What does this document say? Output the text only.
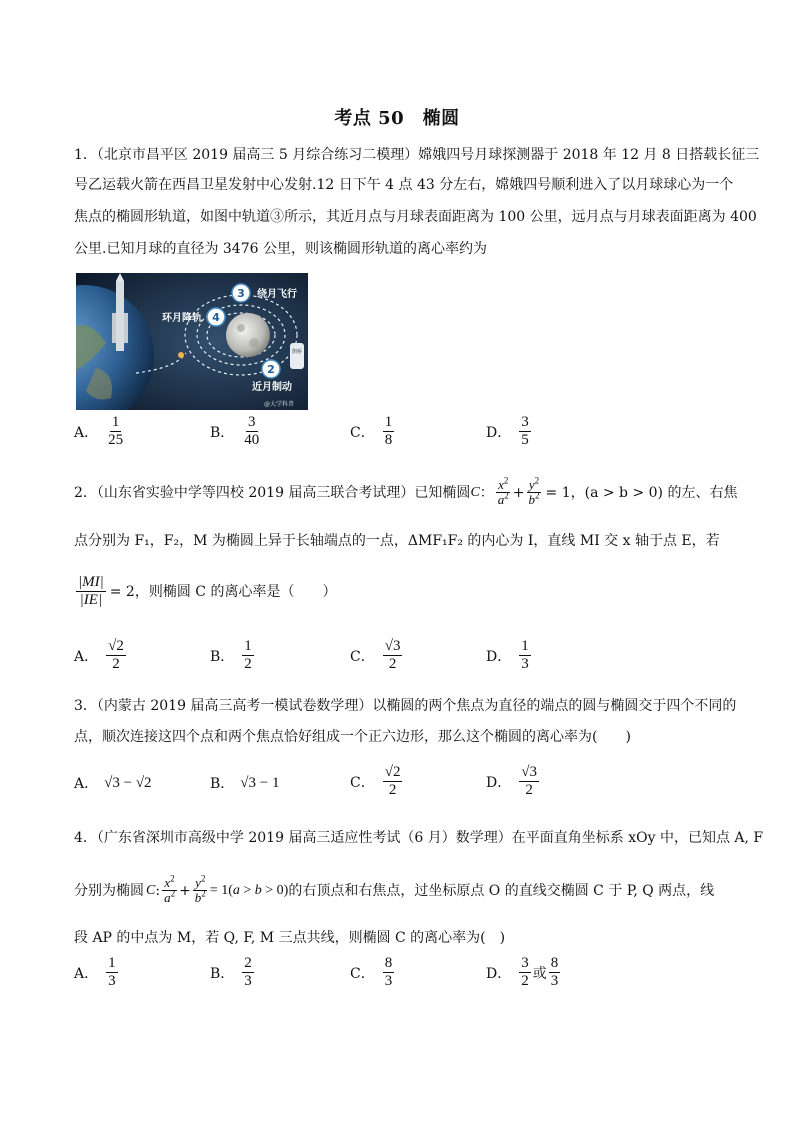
考点 50　椭圆
1．（北京市昌平区 2019 届高三 5 月综合练习二模理）嫦娥四号月球探测器于 2018 年 12 月 8 日搭载长征三
号乙运载火箭在西昌卫星发射中心发射.12 日下午 4 点 43 分左右，嫦娥四号顺利进入了以月球球心为一个
焦点的椭圆形轨道，如图中轨道③所示，其近月点与月球表面距离为 100 公里，远月点与月球表面距离为 400
公里.已知月球的直径为 3476 公里，则该椭圆形轨道的离心率约为
鹊桥
3 绕月飞行
4
环月降轨
2
近月制动
@大学科普
A． $\frac{1}{25}$	B． $\frac{3}{40}$	C． $\frac{1}{8}$	D． $\frac{3}{5}$
2．（山东省实验中学等四校 2019 届高三联合考试理）已知椭圆 C ： $\frac{x^2}{a^2} + \frac{y^2}{b^2} = 1$ ，(a > b > 0) 的左、右焦
点分别为 F₁，F₂，M 为椭圆上异于长轴端点的一点，ΔMF₁F₂ 的内心为 I，直线 MI 交 x 轴于点 E，若
$\frac{|MI|}{|IE|} = 2$ ，则椭圆 C 的离心率是（　　）
A． $\frac{√2}{2}$	B． $\frac{1}{2}$	C． $\frac{√3}{2}$	D． $\frac{1}{3}$
3．（内蒙古 2019 届高三高考一模试卷数学理）以椭圆的两个焦点为直径的端点的圆与椭圆交于四个不同的
点，顺次连接这四个点和两个焦点恰好组成一个正六边形，那么这个椭圆的离心率为(　　)
A． √3 − √2	B． √3 − 1	C． $\frac{√2}{2}$	D． $\frac{√3}{2}$
4．（广东省深圳市高级中学 2019 届高三适应性考试（6 月）数学理）在平面直角坐标系 xOy 中，已知点 A, F
分别为椭圆 C : $\frac{x^2}{a^2} + \frac{y^2}{b^2} = 1(a > b > 0)$ 的右顶点和右焦点，过坐标原点 O 的直线交椭圆 C 于 P, Q 两点，线
段 AP 的中点为 M，若 Q, F, M 三点共线，则椭圆 C 的离心率为(　)
A． $\frac{1}{3}$	B． $\frac{2}{3}$	C． $\frac{8}{3}$	D． $\frac{3}{2}$ 或 $\frac{8}{3}$
